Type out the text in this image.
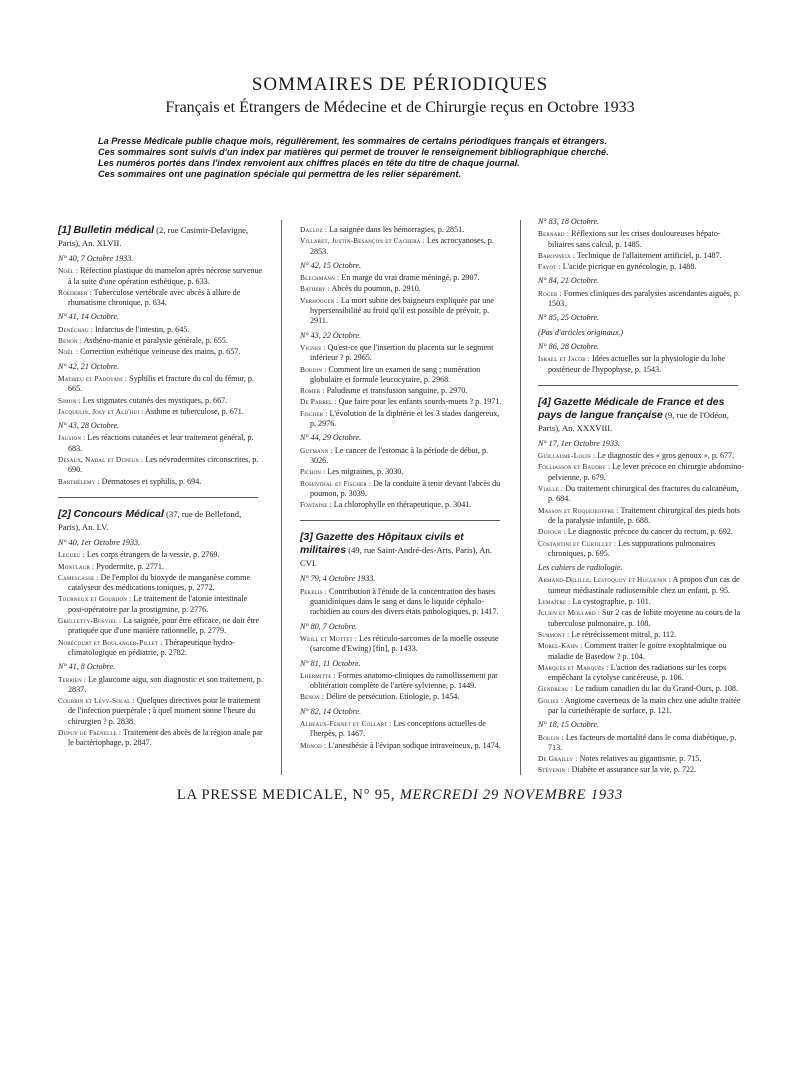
SOMMAIRES DE PÉRIODIQUES
Français et Étrangers de Médecine et de Chirurgie reçus en Octobre 1933
La Presse Médicale publie chaque mois, régulièrement, les sommaires de certains périodiques français et étrangers.
Ces sommaires sont suivis d'un index par matières qui permet de trouver le renseignement bibliographique cherché.
Les numéros portés dans l'index renvoient aux chiffres placés en tête du titre de chaque journal.
Ces sommaires ont une pagination spéciale qui permettra de les relier séparément.
[1] Bulletin médical (2, rue Casimir-Delavigne, Paris), An. XLVII.
N° 40, 7 Octobre 1933.
Noël : Réfection plastique du mamelon après nécrose survenue à la suite d'une opération esthétique, p. 633.
Roederer : Tuberculose vertébrale avec abcès à allure de rhumatisme chronique, p. 634.
N° 41, 14 Octobre.
Denéchau : Infarctus de l'intestin, p. 645.
Benon : Asthéno-manie et paralysie générale, p. 655.
Noël : Correction esthétique veineuse des mains, p. 657.
N° 42, 21 Octobre.
Mathieu et Padovani : Syphilis et fracture du col du fémur, p. 665.
Simon : Les stigmates cutanés des mystiques, p. 667.
Jacquelin, Joly et Ald'hui : Asthme et tuberculose, p. 671.
N° 43, 28 Octobre.
Jausion : Les réactions cutanées et leur traitement général, p. 683.
Desaux, Nadal et Dupeux : Les névrodermites circonscrites, p. 690.
Barthélemy : Dermatoses et syphilis, p. 694.
[2] Concours Médical (37, rue de Bellefond, Paris), An. LV.
N° 40, 1er Octobre 1933.
Legueu : Les corps étrangers de la vessie, p. 2769.
Montlaur : Pyodermite, p. 2771.
Camescasse : De l'emploi du bioxyde de manganèse comme catalyseur des médications toniques, p. 2772.
Tourneux et Gourdon : Le traitement de l'atonie intestinale post-opératoire par la prostigmine, p. 2776.
Grelletty-Bosviel : La saignée, pour être efficace, ne doit être pratiquée que d'une manière rationnelle, p. 2779.
Nobécourt et Boulanger-Pillet : Thérapeutique hydro-climatologique en pédiatrie, p. 2782.
N° 41, 8 Octobre.
Terrien : Le glaucome aigu, son diagnostic et son traitement, p. 2837.
Courbin et Lévy-Solal : Quelques directives pour le traitement de l'infection puerpérale ; à quel moment sonne l'heure du chirurgien ? p. 2838.
Dupuy de Frenelle : Traitement des abcès de la région anale par le bactériophage, p. 2847.
Dalloz : La saignée dans les hémorragies, p. 2851.
Villaret, Justin-Besançon et Cachera : Les acrocyanoses, p. 2853.
N° 42, 15 Octobre.
Blechmann : En marge du vrai drame méningé, p. 2907.
Bathery : Abcès du poumon, p. 2910.
Verhoogen : La mort subite des baigneurs expliquée par une hypersensibilité au froid qu'il est possible de prévoir, p. 2911.
N° 43, 22 Octobre.
Vignes : Qu'est-ce que l'insertion du placenta sur le segment inférieur ? p. 2965.
Boudin : Comment lire un examen de sang ; numération globulaire et formule leucocytaire, p. 2968.
Romer : Paludisme et transfusion sanguine, p. 2970.
De Parrel : Que faire pour les enfants sourds-muets ? p. 1971.
Fischer : L'évolution de la diphtérie et les 3 stades dangereux, p. 2976.
N° 44, 29 Octobre.
Gutmann : Le cancer de l'estomac à la période de début, p. 3026.
Pichon : Les migraines, p. 3030.
Rosenthal et Fischer : De la conduite à tenir devant l'abcès du poumon, p. 3039.
Fontaine : La chlorophylle en thérapeutique, p. 3041.
[3] Gazette des Hôpitaux civils et militaires (49, rue Saint-André-des-Arts, Paris), An. CVI.
N° 79, 4 Octobre 1933.
Pekelis : Contribution à l'étude de la concentration des bases guanidiniques dans le sang et dans le liquide céphalo-rachidien au cours des divers états pathologiques, p. 1417.
N° 80, 7 Octobre.
Weill et Mottet : Les réticulo-sarcomes de la moelle osseuse (sarcome d'Ewing) [fin], p. 1433.
N° 81, 11 Octobre.
Lhermitte : Formes anatomo-cliniques du ramollissement par oblitération complète de l'artère sylvienne, p. 1449.
Benon : Délire de persécution. Etiologie, p. 1454.
N° 82, 14 Octobre.
Albeaux-Fernet et Collart : Les conceptions actuelles de l'herpès, p. 1467.
Monod : L'anesthésie à l'évipan sodique intraveineux, p. 1474.
N° 83, 18 Octobre.
Bernard : Réflexions sur les crises douloureuses hépato-biliaires sans calcul, p. 1485.
Baronneix : Technique de l'allaitement artificiel, p. 1487.
Fayot : L'acide picrique en gynécologie, p. 1488.
N° 84, 21 Octobre.
Roger : Formes cliniques des paralysies ascendantes aiguës, p. 1503.
N° 85, 25 Octobre.
(Pas d'articles originaux.)
N° 86, 28 Octobre.
Israel et Jacob : Idées actuelles sur la physiologie du lobe postérieur de l'hypophyse, p. 1543.
[4] Gazette Médicale de France et des pays de langue française (9, rue de l'Odéon, Paris), An. XXXVIII.
N° 17, 1er Octobre 1933.
Guillaume-Louis : Le diagnostic des « gros genoux », p. 677.
Folliasson et Baudry : Le lever précoce en chirurgie abdomino-pelvienne, p. 679.
Vialle : Du traitement chirurgical des fractures du calcanéum, p. 684.
Masson et Roquejeoffre : Traitement chirurgical des pieds bots de la paralysie infantile, p. 688.
Dufour : Le diagnostic précoce du cancer du rectum, p. 692.
Costantini et Curtillet : Les suppurations pulmonaires chroniques, p. 695.
Les cahiers de radiologie.
Armand-Delille, Lestoquoy et Huguenin : A propos d'un cas de tumeur médiastinale radiosensible chez un enfant, p. 95.
Lemaître : La cystographie, p. 101.
Julien et Mollard : Sur 2 cas de lobite moyenne au cours de la tuberculose pulmonaire, p. 108.
Surmont : Le rétrécissement mitral, p. 112.
Morel-Kahn : Comment traiter le goitre exophtalmique ou maladie de Basedow ? p. 104.
Marquès et Marquès : L'action des radiations sur les corps empêchant la cytolyse cancéreuse, p. 106.
Gendreau : Le radium canadien du lac du Grand-Ours, p. 108.
Goliez : Angiome caverneux de la main chez une adulte traitée par la curiethérapie de surface, p. 121.
N° 18, 15 Octobre.
Boulin : Les facteurs de mortalité dans le coma diabétique, p. 713.
De Grailly : Notes relatives au gigantisme, p. 715.
Stévenin : Diabète et assurance sur la vie, p. 722.
LA PRESSE MEDICALE, N° 95, MERCREDI 29 NOVEMBRE 1933
